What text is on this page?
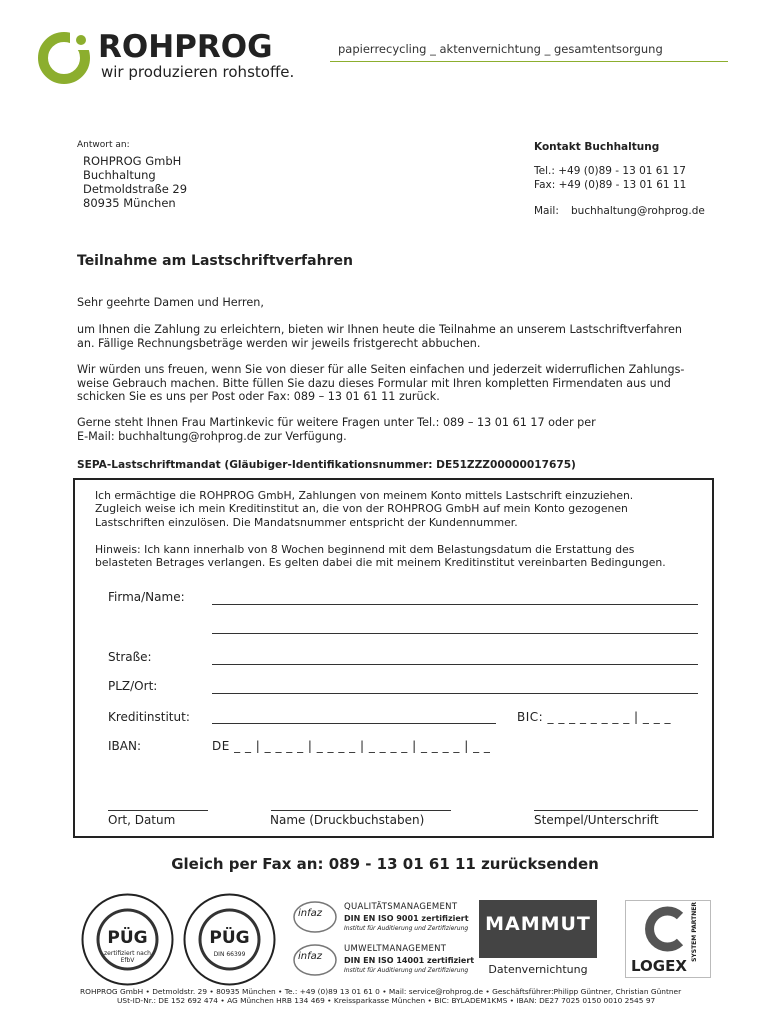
ROHPROG
wir produzieren rohstoffe.
papierrecycling _ aktenvernichtung _ gesamtentsorgung
Antwort an:
ROHPROG GmbH
Buchhaltung
Detmoldstraße 29
80935 München
Kontakt Buchhaltung
Tel.: +49 (0)89 - 13 01 61 17
Fax: +49 (0)89 - 13 01 61 11
Mail: buchhaltung@rohprog.de
Teilnahme am Lastschriftverfahren
Sehr geehrte Damen und Herren,
um Ihnen die Zahlung zu erleichtern, bieten wir Ihnen heute die Teilnahme an unserem Lastschriftverfahren
an. Fällige Rechnungsbeträge werden wir jeweils fristgerecht abbuchen.
Wir würden uns freuen, wenn Sie von dieser für alle Seiten einfachen und jederzeit widerruflichen Zahlungs-
weise Gebrauch machen. Bitte füllen Sie dazu dieses Formular mit Ihren kompletten Firmendaten aus und
schicken Sie es uns per Post oder Fax: 089 – 13 01 61 11 zurück.
Gerne steht Ihnen Frau Martinkevic für weitere Fragen unter Tel.: 089 – 13 01 61 17 oder per
E-Mail: buchhaltung@rohprog.de zur Verfügung.
SEPA-Lastschriftmandat (Gläubiger-Identifikationsnummer: DE51ZZZ00000017675)
Ich ermächtige die ROHPROG GmbH, Zahlungen von meinem Konto mittels Lastschrift einzuziehen.
Zugleich weise ich mein Kreditinstitut an, die von der ROHPROG GmbH auf mein Konto gezogenen
Lastschriften einzulösen. Die Mandatsnummer entspricht der Kundennummer.
Hinweis: Ich kann innerhalb von 8 Wochen beginnend mit dem Belastungsdatum die Erstattung des
belasteten Betrages verlangen. Es gelten dabei die mit meinem Kreditinstitut vereinbarten Bedingungen.
Firma/Name:
Straße:
PLZ/Ort:
Kreditinstitut:	BIC: _ _ _ _ _ _ _ _ | _ _ _
IBAN:	DE _ _ | _ _ _ _ | _ _ _ _ | _ _ _ _ | _ _ _ _ | _ _
Ort, Datum	Name (Druckbuchstaben)	Stempel/Unterschrift
Gleich per Fax an: 089 - 13 01 61 11 zurücksenden
PÜG
zertifiziert nach EfbV
PÜG
DIN 66399
infaz
QUALITÄTSMANAGEMENT
DIN EN ISO 9001 zertifiziert
Institut für Auditierung und Zertifizierung
infaz
UMWELTMANAGEMENT
DIN EN ISO 14001 zertifiziert
Institut für Auditierung und Zertifizierung
MAMMUT
Datenvernichtung	LOGEX
SYSTEM PARTNER
ROHPROG GmbH • Detmoldstr. 29 • 80935 München • Te.: +49 (0)89 13 01 61 0 • Mail: service@rohprog.de • Geschäftsführer:Philipp Güntner, Christian Güntner
USt-ID-Nr.: DE 152 692 474 • AG München HRB 134 469 • Kreissparkasse München • BIC: BYLADEM1KMS • IBAN: DE27 7025 0150 0010 2545 97
